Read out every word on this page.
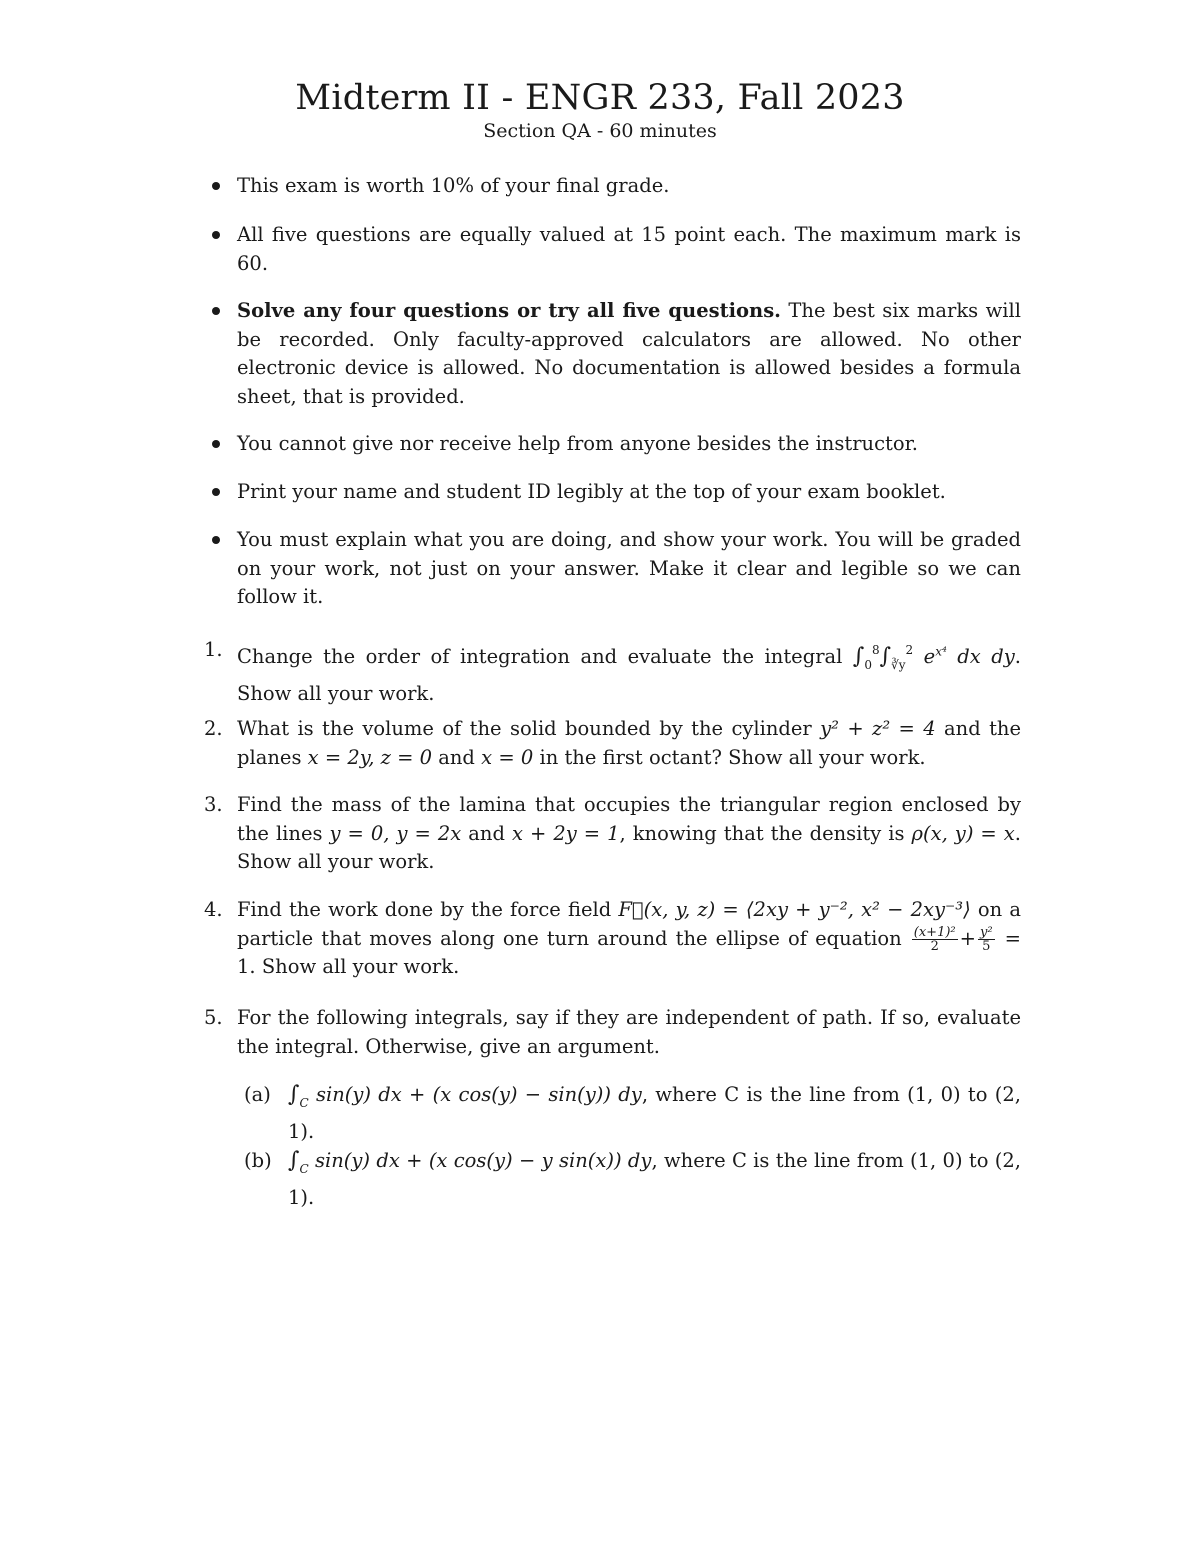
Midterm II - ENGR 233, Fall 2023
Section QA - 60 minutes
This exam is worth 10% of your final grade.
All five questions are equally valued at 15 point each. The maximum mark is 60.
Solve any four questions or try all five questions. The best six marks will be recorded. Only faculty-approved calculators are allowed. No other electronic device is allowed. No documentation is allowed besides a formula sheet, that is provided.
You cannot give nor receive help from anyone besides the instructor.
Print your name and student ID legibly at the top of your exam booklet.
You must explain what you are doing, and show your work. You will be graded on your work, not just on your answer. Make it clear and legible so we can follow it.
1. Change the order of integration and evaluate the integral $\int_0^8\int_{∛y}^2$ $e^{x^4}$ dx dy. Show all your work.
2. What is the volume of the solid bounded by the cylinder y² + z² = 4 and the planes x = 2y, z = 0 and x = 0 in the first octant? Show all your work.
3. Find the mass of the lamina that occupies the triangular region enclosed by the lines y = 0, y = 2x and x + 2y = 1, knowing that the density is ρ(x, y) = x. Show all your work.
4. Find the work done by the force field F⃗(x, y, z) = ⟨2xy + y⁻², x² − 2xy⁻³⟩ on a particle that moves along one turn around the ellipse of equation $\frac{\text{(x+1)²}}{2} + \frac{\text{y²}}{5} = 1$. Show all your work.
5. For the following integrals, say if they are independent of path. If so, evaluate the integral. Otherwise, give an argument.
(a) $\int_C$ sin(y) dx + (x cos(y) − sin(y)) dy, where C is the line from (1, 0) to (2, 1).
(b) $\int_C$ sin(y) dx + (x cos(y) − y sin(x)) dy, where C is the line from (1, 0) to (2, 1).
